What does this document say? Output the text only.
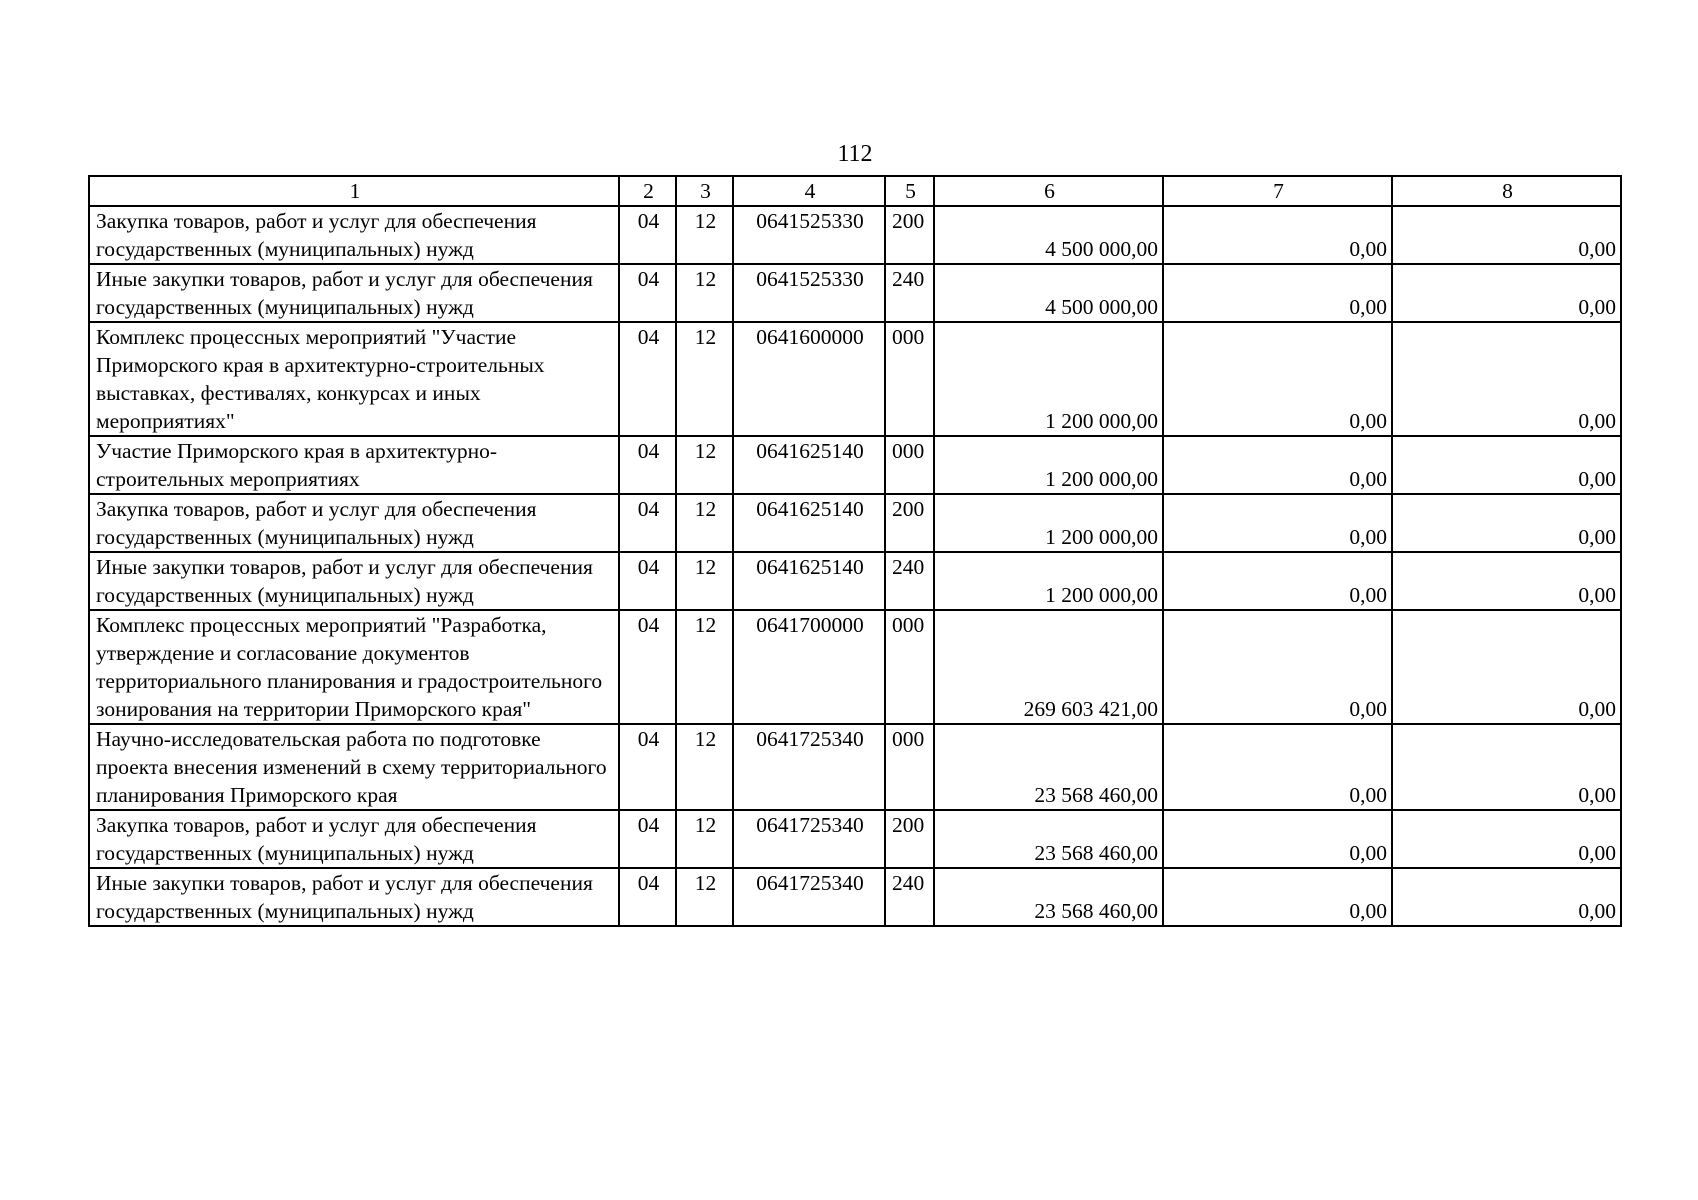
112
1	2	3	4	5	6	7	8
Закупка товаров, работ и услуг для обеспечения государственных (муниципальных) нужд	04	12	0641525330	200	4 500 000,00	0,00	0,00
Иные закупки товаров, работ и услуг для обеспечения государственных (муниципальных) нужд	04	12	0641525330	240	4 500 000,00	0,00	0,00
Комплекс процессных мероприятий "Участие Приморского края в архитектурно-строительных выставках, фестивалях, конкурсах и иных мероприятиях"	04	12	0641600000	000	1 200 000,00	0,00	0,00
Участие Приморского края в архитектурно-строительных мероприятиях	04	12	0641625140	000	1 200 000,00	0,00	0,00
Закупка товаров, работ и услуг для обеспечения государственных (муниципальных) нужд	04	12	0641625140	200	1 200 000,00	0,00	0,00
Иные закупки товаров, работ и услуг для обеспечения государственных (муниципальных) нужд	04	12	0641625140	240	1 200 000,00	0,00	0,00
Комплекс процессных мероприятий "Разработка, утверждение и согласование документов территориального планирования и градостроительного зонирования на территории Приморского края"	04	12	0641700000	000	269 603 421,00	0,00	0,00
Научно-исследовательская работа по подготовке проекта внесения изменений в схему территориального планирования Приморского края	04	12	0641725340	000	23 568 460,00	0,00	0,00
Закупка товаров, работ и услуг для обеспечения государственных (муниципальных) нужд	04	12	0641725340	200	23 568 460,00	0,00	0,00
Иные закупки товаров, работ и услуг для обеспечения государственных (муниципальных) нужд	04	12	0641725340	240	23 568 460,00	0,00	0,00
